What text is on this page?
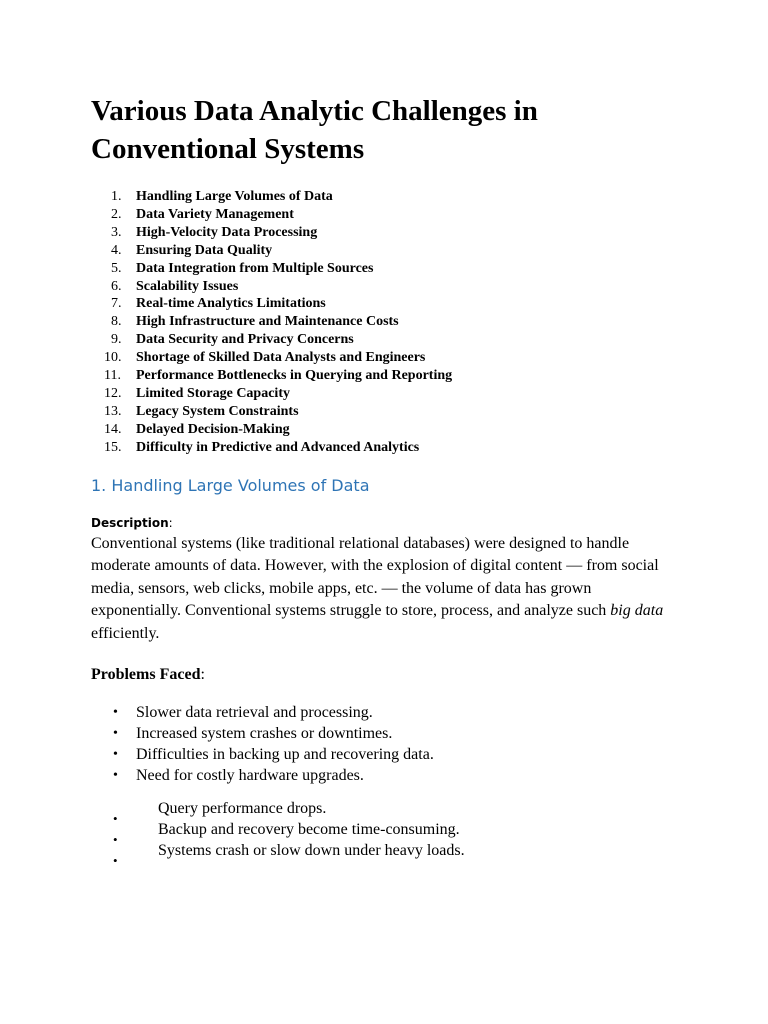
Various Data Analytic Challenges in
Conventional Systems
1.	Handling Large Volumes of Data
2.	Data Variety Management
3.	High-Velocity Data Processing
4.	Ensuring Data Quality
5.	Data Integration from Multiple Sources
6.	Scalability Issues
7.	Real-time Analytics Limitations
8.	High Infrastructure and Maintenance Costs
9.	Data Security and Privacy Concerns
10.	Shortage of Skilled Data Analysts and Engineers
11.	Performance Bottlenecks in Querying and Reporting
12.	Limited Storage Capacity
13.	Legacy System Constraints
14.	Delayed Decision-Making
15.	Difficulty in Predictive and Advanced Analytics
1. Handling Large Volumes of Data
Description:

Conventional systems (like traditional relational databases) were designed to handle moderate amounts of data. However, with the explosion of digital content — from social media, sensors, web clicks, mobile apps, etc. — the volume of data has grown exponentially. Conventional systems struggle to store, process, and analyze such big data efficiently.

Problems Faced:
• Slower data retrieval and processing.
• Increased system crashes or downtimes.
• Difficulties in backing up and recovering data.
• Need for costly hardware upgrades.
Query performance drops.
•
Backup and recovery become time-consuming.
•
Systems crash or slow down under heavy loads.
•
